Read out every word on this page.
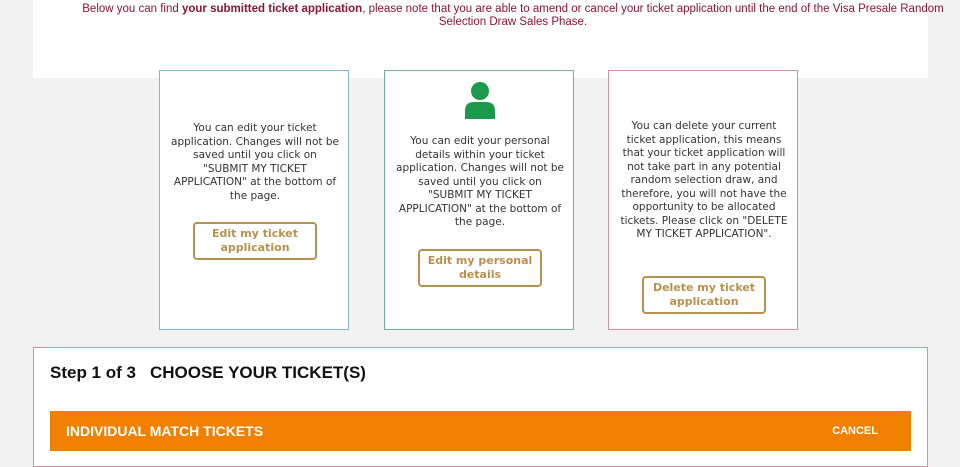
Below you can find your submitted ticket application, please note that you are able to amend or cancel your ticket application until the end of the Visa Presale Random Selection Draw Sales Phase.
You can edit your ticket application. Changes will not be saved until you click on "SUBMIT MY TICKET APPLICATION" at the bottom of the page.
Edit my ticket application
You can edit your personal details within your ticket application. Changes will not be saved until you click on "SUBMIT MY TICKET APPLICATION" at the bottom of the page.
Edit my personal details
You can delete your current ticket application, this means that your ticket application will not take part in any potential random selection draw, and therefore, you will not have the opportunity to be allocated tickets. Please click on "DELETE MY TICKET APPLICATION".
Delete my ticket application
Step 1 of 3 CHOOSE YOUR TICKET(S)
INDIVIDUAL MATCH TICKETS	CANCEL
